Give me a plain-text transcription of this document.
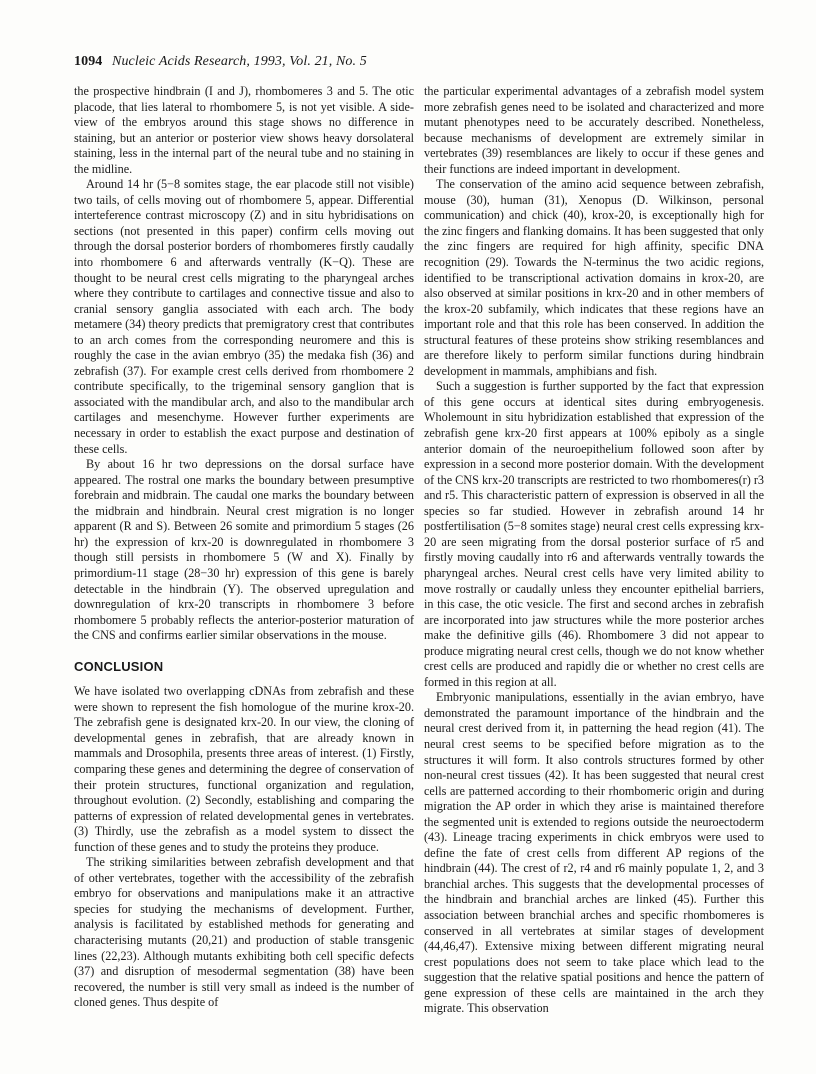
1094 Nucleic Acids Research, 1993, Vol. 21, No. 5

the prospective hindbrain (I and J), rhombomeres 3 and 5. The otic placode, that lies lateral to rhombomere 5, is not yet visible. A side-view of the embryos around this stage shows no difference in staining, but an anterior or posterior view shows heavy dorsolateral staining, less in the internal part of the neural tube and no staining in the midline.

Around 14 hr (5−8 somites stage, the ear placode still not visible) two tails, of cells moving out of rhombomere 5, appear. Differential interteference contrast microscopy (Z) and in situ hybridisations on sections (not presented in this paper) confirm cells moving out through the dorsal posterior borders of rhombomeres firstly caudally into rhombomere 6 and afterwards ventrally (K−Q). These are thought to be neural crest cells migrating to the pharyngeal arches where they contribute to cartilages and connective tissue and also to cranial sensory ganglia associated with each arch. The body metamere (34) theory predicts that premigratory crest that contributes to an arch comes from the corresponding neuromere and this is roughly the case in the avian embryo (35) the medaka fish (36) and zebrafish (37). For example crest cells derived from rhombomere 2 contribute specifically, to the trigeminal sensory ganglion that is associated with the mandibular arch, and also to the mandibular arch cartilages and mesenchyme. However further experiments are necessary in order to establish the exact purpose and destination of these cells.

By about 16 hr two depressions on the dorsal surface have appeared. The rostral one marks the boundary between presumptive forebrain and midbrain. The caudal one marks the boundary between the midbrain and hindbrain. Neural crest migration is no longer apparent (R and S). Between 26 somite and primordium 5 stages (26 hr) the expression of krx-20 is downregulated in rhombomere 3 though still persists in rhombomere 5 (W and X). Finally by primordium-11 stage (28−30 hr) expression of this gene is barely detectable in the hindbrain (Y). The observed upregulation and downregulation of krx-20 transcripts in rhombomere 3 before rhombomere 5 probably reflects the anterior-posterior maturation of the CNS and confirms earlier similar observations in the mouse.

CONCLUSION

We have isolated two overlapping cDNAs from zebrafish and these were shown to represent the fish homologue of the murine krox-20. The zebrafish gene is designated krx-20. In our view, the cloning of developmental genes in zebrafish, that are already known in mammals and Drosophila, presents three areas of interest. (1) Firstly, comparing these genes and determining the degree of conservation of their protein structures, functional organization and regulation, throughout evolution. (2) Secondly, establishing and comparing the patterns of expression of related developmental genes in vertebrates. (3) Thirdly, use the zebrafish as a model system to dissect the function of these genes and to study the proteins they produce.

The striking similarities between zebrafish development and that of other vertebrates, together with the accessibility of the zebrafish embryo for observations and manipulations make it an attractive species for studying the mechanisms of development. Further, analysis is facilitated by established methods for generating and characterising mutants (20,21) and production of stable transgenic lines (22,23). Although mutants exhibiting both cell specific defects (37) and disruption of mesodermal segmentation (38) have been recovered, the number is still very small as indeed is the number of cloned genes. Thus despite of

the particular experimental advantages of a zebrafish model system more zebrafish genes need to be isolated and characterized and more mutant phenotypes need to be accurately described. Nonetheless, because mechanisms of development are extremely similar in vertebrates (39) resemblances are likely to occur if these genes and their functions are indeed important in development.

The conservation of the amino acid sequence between zebrafish, mouse (30), human (31), Xenopus (D. Wilkinson, personal communication) and chick (40), krox-20, is exceptionally high for the zinc fingers and flanking domains. It has been suggested that only the zinc fingers are required for high affinity, specific DNA recognition (29). Towards the N-terminus the two acidic regions, identified to be transcriptional activation domains in krox-20, are also observed at similar positions in krx-20 and in other members of the krox-20 subfamily, which indicates that these regions have an important role and that this role has been conserved. In addition the structural features of these proteins show striking resemblances and are therefore likely to perform similar functions during hindbrain development in mammals, amphibians and fish.

Such a suggestion is further supported by the fact that expression of this gene occurs at identical sites during embryogenesis. Wholemount in situ hybridization established that expression of the zebrafish gene krx-20 first appears at 100% epiboly as a single anterior domain of the neuroepithelium followed soon after by expression in a second more posterior domain. With the development of the CNS krx-20 transcripts are restricted to two rhombomeres(r) r3 and r5. This characteristic pattern of expression is observed in all the species so far studied. However in zebrafish around 14 hr postfertilisation (5−8 somites stage) neural crest cells expressing krx-20 are seen migrating from the dorsal posterior surface of r5 and firstly moving caudally into r6 and afterwards ventrally towards the pharyngeal arches. Neural crest cells have very limited ability to move rostrally or caudally unless they encounter epithelial barriers, in this case, the otic vesicle. The first and second arches in zebrafish are incorporated into jaw structures while the more posterior arches make the definitive gills (46). Rhombomere 3 did not appear to produce migrating neural crest cells, though we do not know whether crest cells are produced and rapidly die or whether no crest cells are formed in this region at all.

Embryonic manipulations, essentially in the avian embryo, have demonstrated the paramount importance of the hindbrain and the neural crest derived from it, in patterning the head region (41). The neural crest seems to be specified before migration as to the structures it will form. It also controls structures formed by other non-neural crest tissues (42). It has been suggested that neural crest cells are patterned according to their rhombomeric origin and during migration the AP order in which they arise is maintained therefore the segmented unit is extended to regions outside the neuroectoderm (43). Lineage tracing experiments in chick embryos were used to define the fate of crest cells from different AP regions of the hindbrain (44). The crest of r2, r4 and r6 mainly populate 1, 2, and 3 branchial arches. This suggests that the developmental processes of the hindbrain and branchial arches are linked (45). Further this association between branchial arches and specific rhombomeres is conserved in all vertebrates at similar stages of development (44,46,47). Extensive mixing between different migrating neural crest populations does not seem to take place which lead to the suggestion that the relative spatial positions and hence the pattern of gene expression of these cells are maintained in the arch they migrate. This observation
